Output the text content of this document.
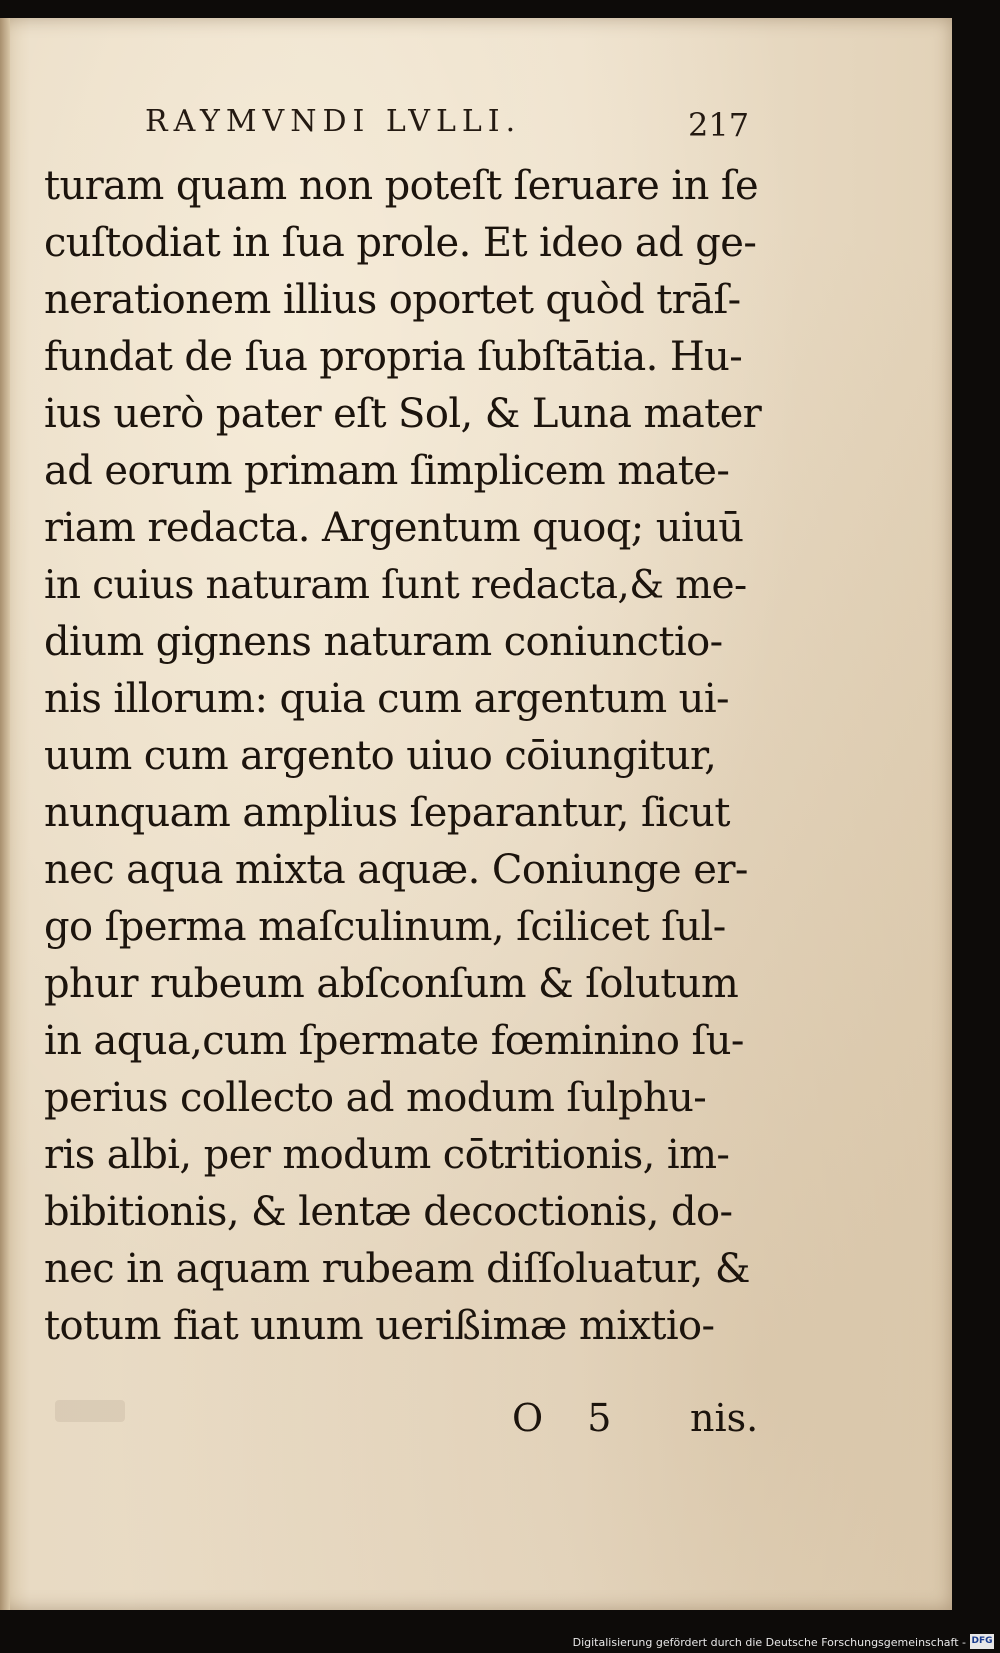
RAYMVNDI LVLLI.	217
turam quam non poteſt ſeruare in ſe
cuſtodiat in ſua prole. Et ideo ad ge-
nerationem illius oportet quòd trāſ-
fundat de ſua propria ſubſtātia. Hu-
ius uerò pater eſt Sol, & Luna mater
ad eorum primam ſimplicem mate-
riam redacta. Argentum quoq; uiuū
in cuius naturam ſunt redacta,& me-
dium gignens naturam coniunctio-
nis illorum: quia cum argentum ui-
uum cum argento uiuo cōiungitur,
nunquam amplius ſeparantur, ſicut
nec aqua mixta aquæ. Coniunge er-
go ſperma maſculinum, ſcilicet ſul-
phur rubeum abſconſum & ſolutum
in aqua,cum ſpermate fœminino ſu-
perius collecto ad modum ſulphu-
ris albi, per modum cōtritionis, im-
bibitionis, & lentæ decoctionis, do-
nec in aquam rubeam diſſoluatur, &
totum fiat unum uerißimæ mixtio-
O 5 nis.
Digitalisierung gefördert durch die Deutsche Forschungsgemeinschaft - DFG
